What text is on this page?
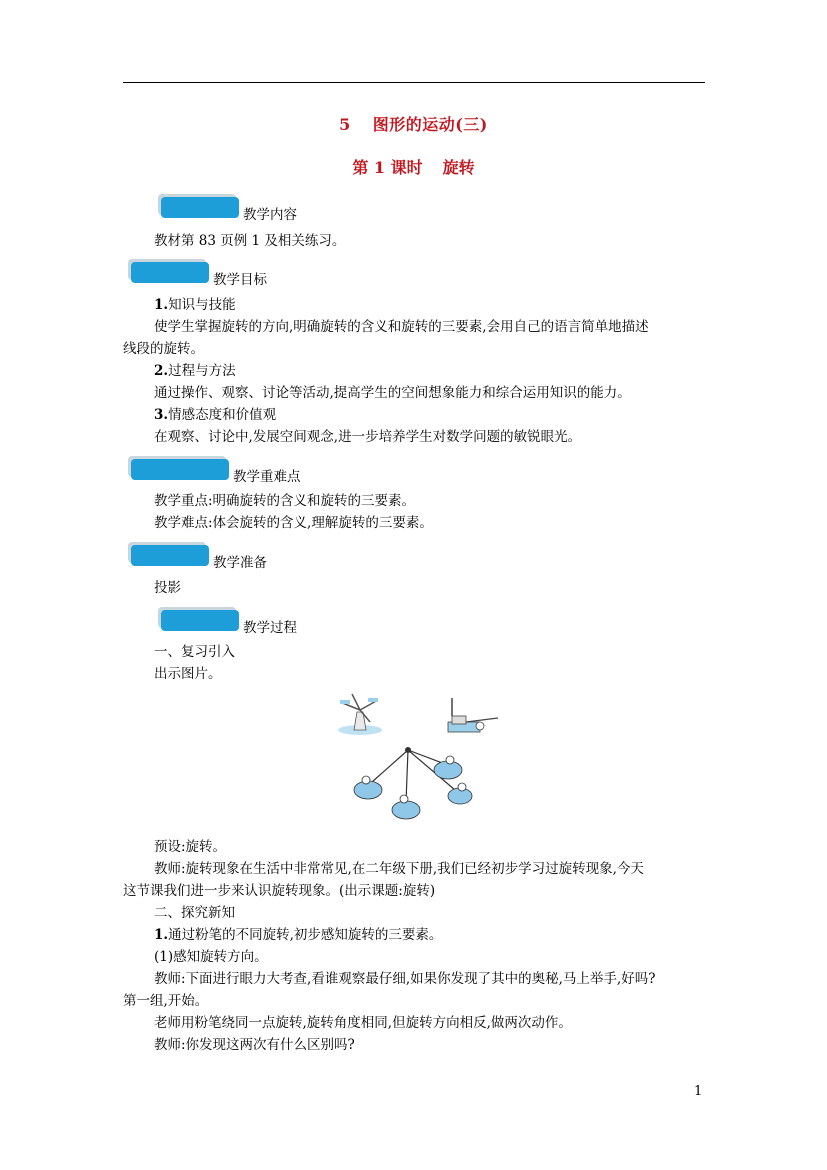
5 图形的运动(三)
第 1 课时 旋转
教学内容
教材第 83 页例 1 及相关练习。
教学目标
1.知识与技能
使学生掌握旋转的方向,明确旋转的含义和旋转的三要素,会用自己的语言简单地描述
线段的旋转。
2.过程与方法
通过操作、观察、讨论等活动,提高学生的空间想象能力和综合运用知识的能力。
3.情感态度和价值观
在观察、讨论中,发展空间观念,进一步培养学生对数学问题的敏锐眼光。
教学重难点
教学重点:明确旋转的含义和旋转的三要素。
教学难点:体会旋转的含义,理解旋转的三要素。
教学准备
投影
教学过程
一、复习引入
出示图片。
预设:旋转。
教师:旋转现象在生活中非常常见,在二年级下册,我们已经初步学习过旋转现象,今天
这节课我们进一步来认识旋转现象。(出示课题:旋转)
二、探究新知
1.通过粉笔的不同旋转,初步感知旋转的三要素。
(1)感知旋转方向。
教师:下面进行眼力大考查,看谁观察最仔细,如果你发现了其中的奥秘,马上举手,好吗?
第一组,开始。
老师用粉笔绕同一点旋转,旋转角度相同,但旋转方向相反,做两次动作。
教师:你发现这两次有什么区别吗?
1
